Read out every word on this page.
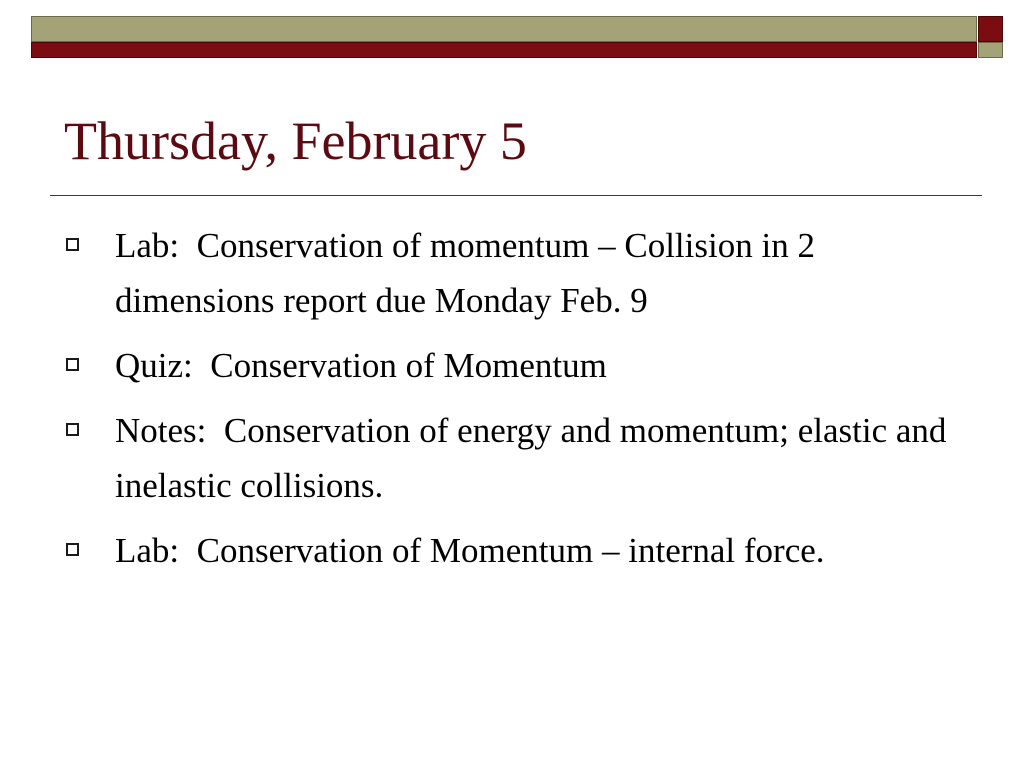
Thursday, February 5
Lab:  Conservation of momentum – Collision in 2 dimensions report due Monday Feb. 9
Quiz:  Conservation of Momentum
Notes:  Conservation of energy and momentum; elastic and inelastic collisions.
Lab:  Conservation of Momentum – internal force.
